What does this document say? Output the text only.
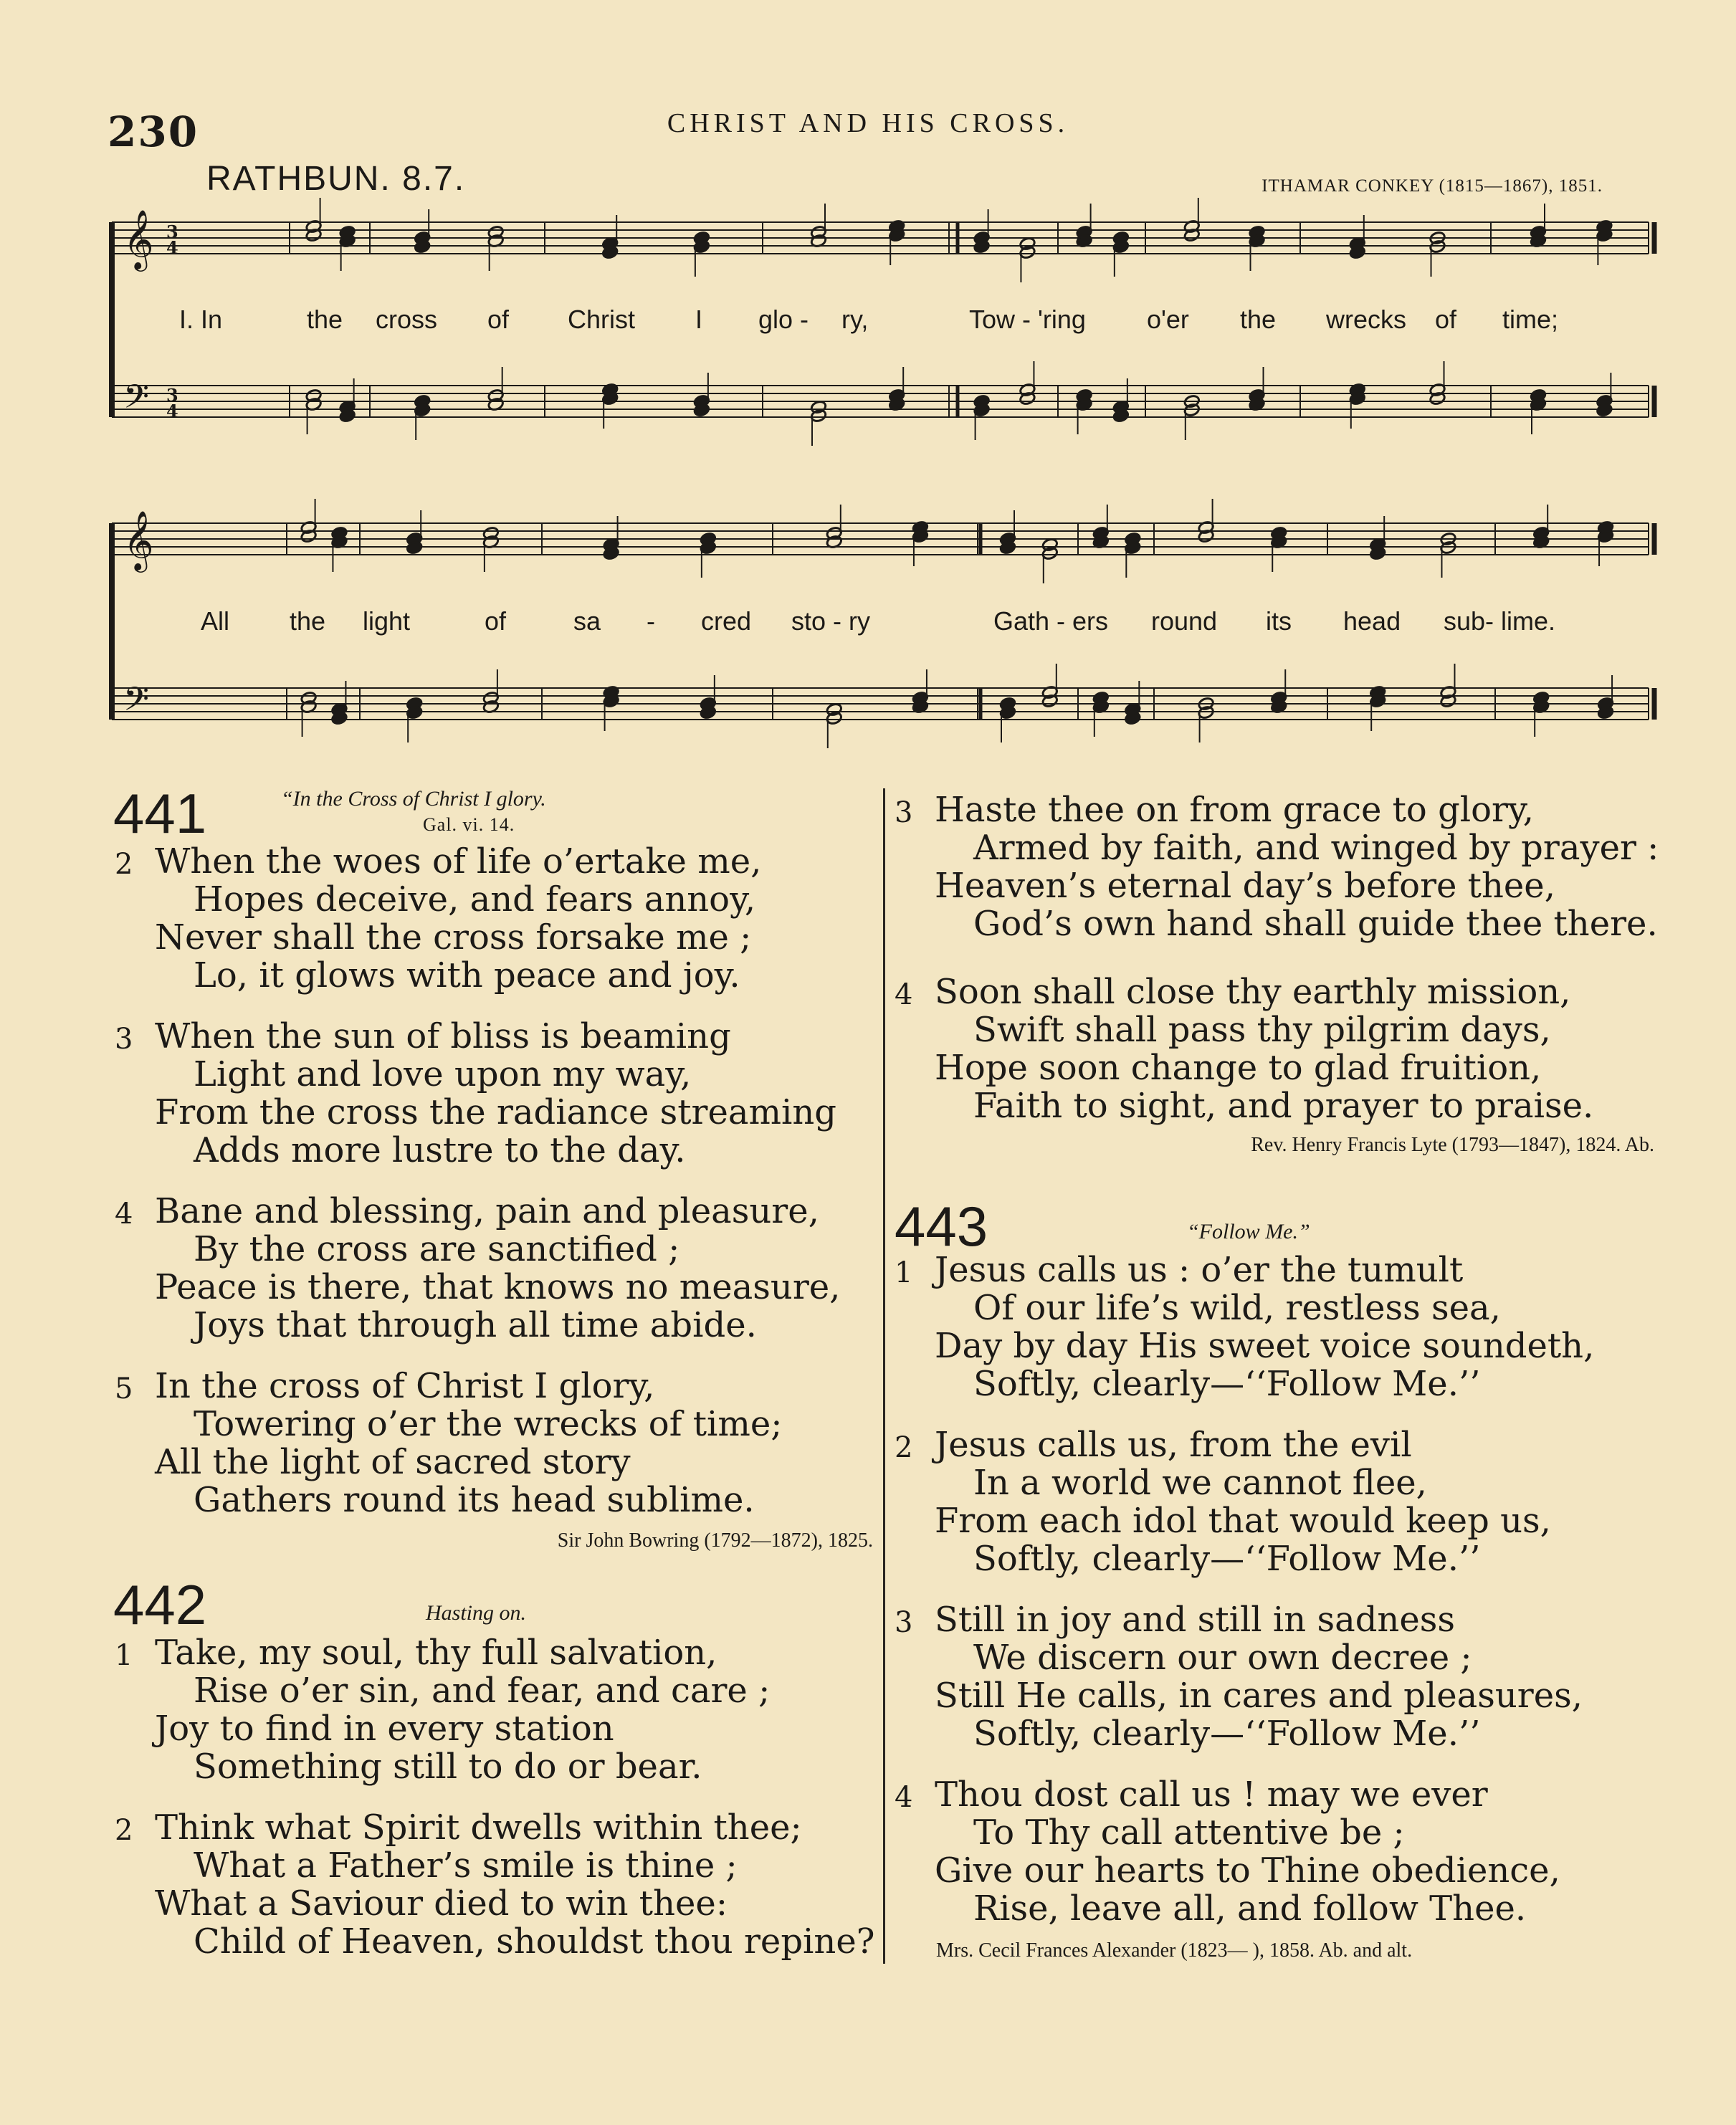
230	CHRIST AND HIS CROSS.
RATHBUN. 8.7.	ITHAMAR CONKEY (1815—1867), 1851.
𝄞
𝄢
3
4
3
4
𝄞
𝄢
I. In	the cross of Christ I glo - ry,	Tow - 'ring o'er the wrecks of time;
All the light	of	sa - cred sto - ry	Gath - ers round its head sub- lime.
441	“In the Cross of Christ I glory.
Gal. vi. 14.
2 When the woes of life o’ertake me,
Hopes deceive, and fears annoy,
Never shall the cross forsake me ;
Lo, it glows with peace and joy.
3 When the sun of bliss is beaming
Light and love upon my way,
From the cross the radiance streaming
Adds more lustre to the day.
4 Bane and blessing, pain and pleasure,
By the cross are sanctified ;
Peace is there, that knows no measure,
Joys that through all time abide.
5 In the cross of Christ I glory,
Towering o’er the wrecks of time;
All the light of sacred story
Gathers round its head sublime.
Sir John Bowring (1792—1872), 1825.
442	Hasting on.
1 Take, my soul, thy full salvation,
Rise o’er sin, and fear, and care ;
Joy to find in every station
Something still to do or bear.
2 Think what Spirit dwells within thee;
What a Father’s smile is thine ;
What a Saviour died to win thee:
Child of Heaven, shouldst thou repine?
3 Haste thee on from grace to glory,
Armed by faith, and winged by prayer :
Heaven’s eternal day’s before thee,
God’s own hand shall guide thee there.
4 Soon shall close thy earthly mission,
Swift shall pass thy pilgrim days,
Hope soon change to glad fruition,
Faith to sight, and prayer to praise.
Rev. Henry Francis Lyte (1793—1847), 1824. Ab.
443	“Follow Me.”
1 Jesus calls us : o’er the tumult
Of our life’s wild, restless sea,
Day by day His sweet voice soundeth,
Softly, clearly—‘‘Follow Me.’’
2 Jesus calls us, from the evil
In a world we cannot flee,
From each idol that would keep us,
Softly, clearly—‘‘Follow Me.’’
3 Still in joy and still in sadness
We discern our own decree ;
Still He calls, in cares and pleasures,
Softly, clearly—‘‘Follow Me.’’
4 Thou dost call us ! may we ever
To Thy call attentive be ;
Give our hearts to Thine obedience,
Rise, leave all, and follow Thee.
Mrs. Cecil Frances Alexander (1823— ), 1858. Ab. and alt.
